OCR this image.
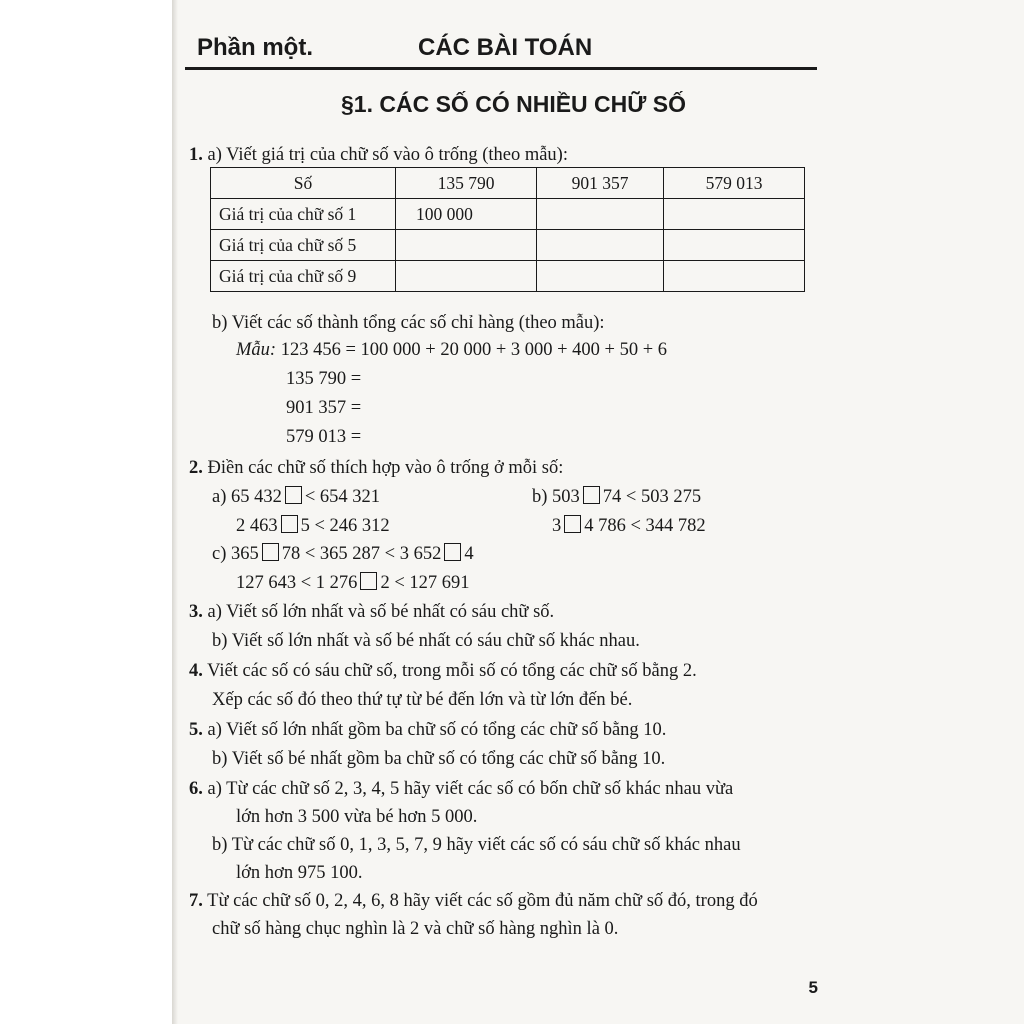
Phần một.	CÁC BÀI TOÁN
§1. CÁC SỐ CÓ NHIỀU CHỮ SỐ
1. a) Viết giá trị của chữ số vào ô trống (theo mẫu):
Số	135 790	901 357	579 013
Giá trị của chữ số 1	100 000		
Giá trị của chữ số 5			
Giá trị của chữ số 9			
b) Viết các số thành tổng các số chỉ hàng (theo mẫu):
Mẫu: 123 456 = 100 000 + 20 000 + 3 000 + 400 + 50 + 6
135 790 =
901 357 =
579 013 =
2. Điền các chữ số thích hợp vào ô trống ở mỗi số:
a) 65 432 < 654 321
2 463 5 < 246 312
b) 503 74 < 503 275
3 4 786 < 344 782
c) 365 78 < 365 287 < 3 652 4
127 643 < 1 276 2 < 127 691
3. a) Viết số lớn nhất và số bé nhất có sáu chữ số.
b) Viết số lớn nhất và số bé nhất có sáu chữ số khác nhau.
4. Viết các số có sáu chữ số, trong mỗi số có tổng các chữ số bằng 2.
Xếp các số đó theo thứ tự từ bé đến lớn và từ lớn đến bé.
5. a) Viết số lớn nhất gồm ba chữ số có tổng các chữ số bằng 10.
b) Viết số bé nhất gồm ba chữ số có tổng các chữ số bằng 10.
6. a) Từ các chữ số 2, 3, 4, 5 hãy viết các số có bốn chữ số khác nhau vừa
lớn hơn 3 500 vừa bé hơn 5 000.
b) Từ các chữ số 0, 1, 3, 5, 7, 9 hãy viết các số có sáu chữ số khác nhau
lớn hơn 975 100.
7. Từ các chữ số 0, 2, 4, 6, 8 hãy viết các số gồm đủ năm chữ số đó, trong đó
chữ số hàng chục nghìn là 2 và chữ số hàng nghìn là 0.
5
